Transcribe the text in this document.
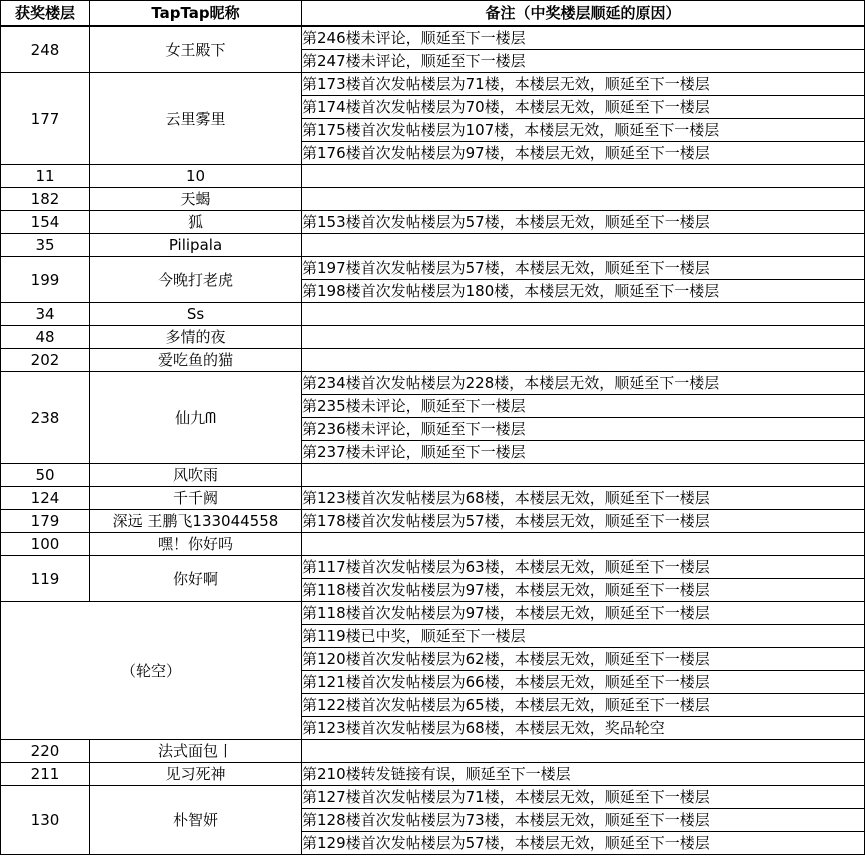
获奖楼层	TapTap昵称	备注（中奖楼层顺延的原因）
248	女王殿下	第246楼未评论，顺延至下一楼层
		第247楼未评论，顺延至下一楼层
177	云里雾里	第173楼首次发帖楼层为71楼，本楼层无效，顺延至下一楼层
		第174楼首次发帖楼层为70楼，本楼层无效，顺延至下一楼层
		第175楼首次发帖楼层为107楼，本楼层无效，顺延至下一楼层
		第176楼首次发帖楼层为97楼，本楼层无效，顺延至下一楼层
11	10	
182	天蝎	
154	狐	第153楼首次发帖楼层为57楼，本楼层无效，顺延至下一楼层
35	Pilipala	
199	今晚打老虎	第197楼首次发帖楼层为57楼，本楼层无效，顺延至下一楼层
		第198楼首次发帖楼层为180楼，本楼层无效，顺延至下一楼层
34	Ss	
48	多情的夜	
202	爱吃鱼的猫	
238	仙九ᗰ	第234楼首次发帖楼层为228楼，本楼层无效，顺延至下一楼层
		第235楼未评论，顺延至下一楼层
		第236楼未评论，顺延至下一楼层
		第237楼未评论，顺延至下一楼层
50	风吹雨	
124	千千阙	第123楼首次发帖楼层为68楼，本楼层无效，顺延至下一楼层
179	深远 王鹏飞133044558	第178楼首次发帖楼层为57楼，本楼层无效，顺延至下一楼层
100	嘿！你好吗	
119	你好啊	第117楼首次发帖楼层为63楼，本楼层无效，顺延至下一楼层
		第118楼首次发帖楼层为97楼，本楼层无效，顺延至下一楼层
（轮空）		第118楼首次发帖楼层为97楼，本楼层无效，顺延至下一楼层
		第119楼已中奖，顺延至下一楼层
		第120楼首次发帖楼层为62楼，本楼层无效，顺延至下一楼层
		第121楼首次发帖楼层为66楼，本楼层无效，顺延至下一楼层
		第122楼首次发帖楼层为65楼，本楼层无效，顺延至下一楼层
		第123楼首次发帖楼层为68楼，本楼层无效，奖品轮空
220	法式面包丨	
211	见习死神	第210楼转发链接有误，顺延至下一楼层
130	朴智妍	第127楼首次发帖楼层为71楼，本楼层无效，顺延至下一楼层
		第128楼首次发帖楼层为73楼，本楼层无效，顺延至下一楼层
		第129楼首次发帖楼层为57楼，本楼层无效，顺延至下一楼层
